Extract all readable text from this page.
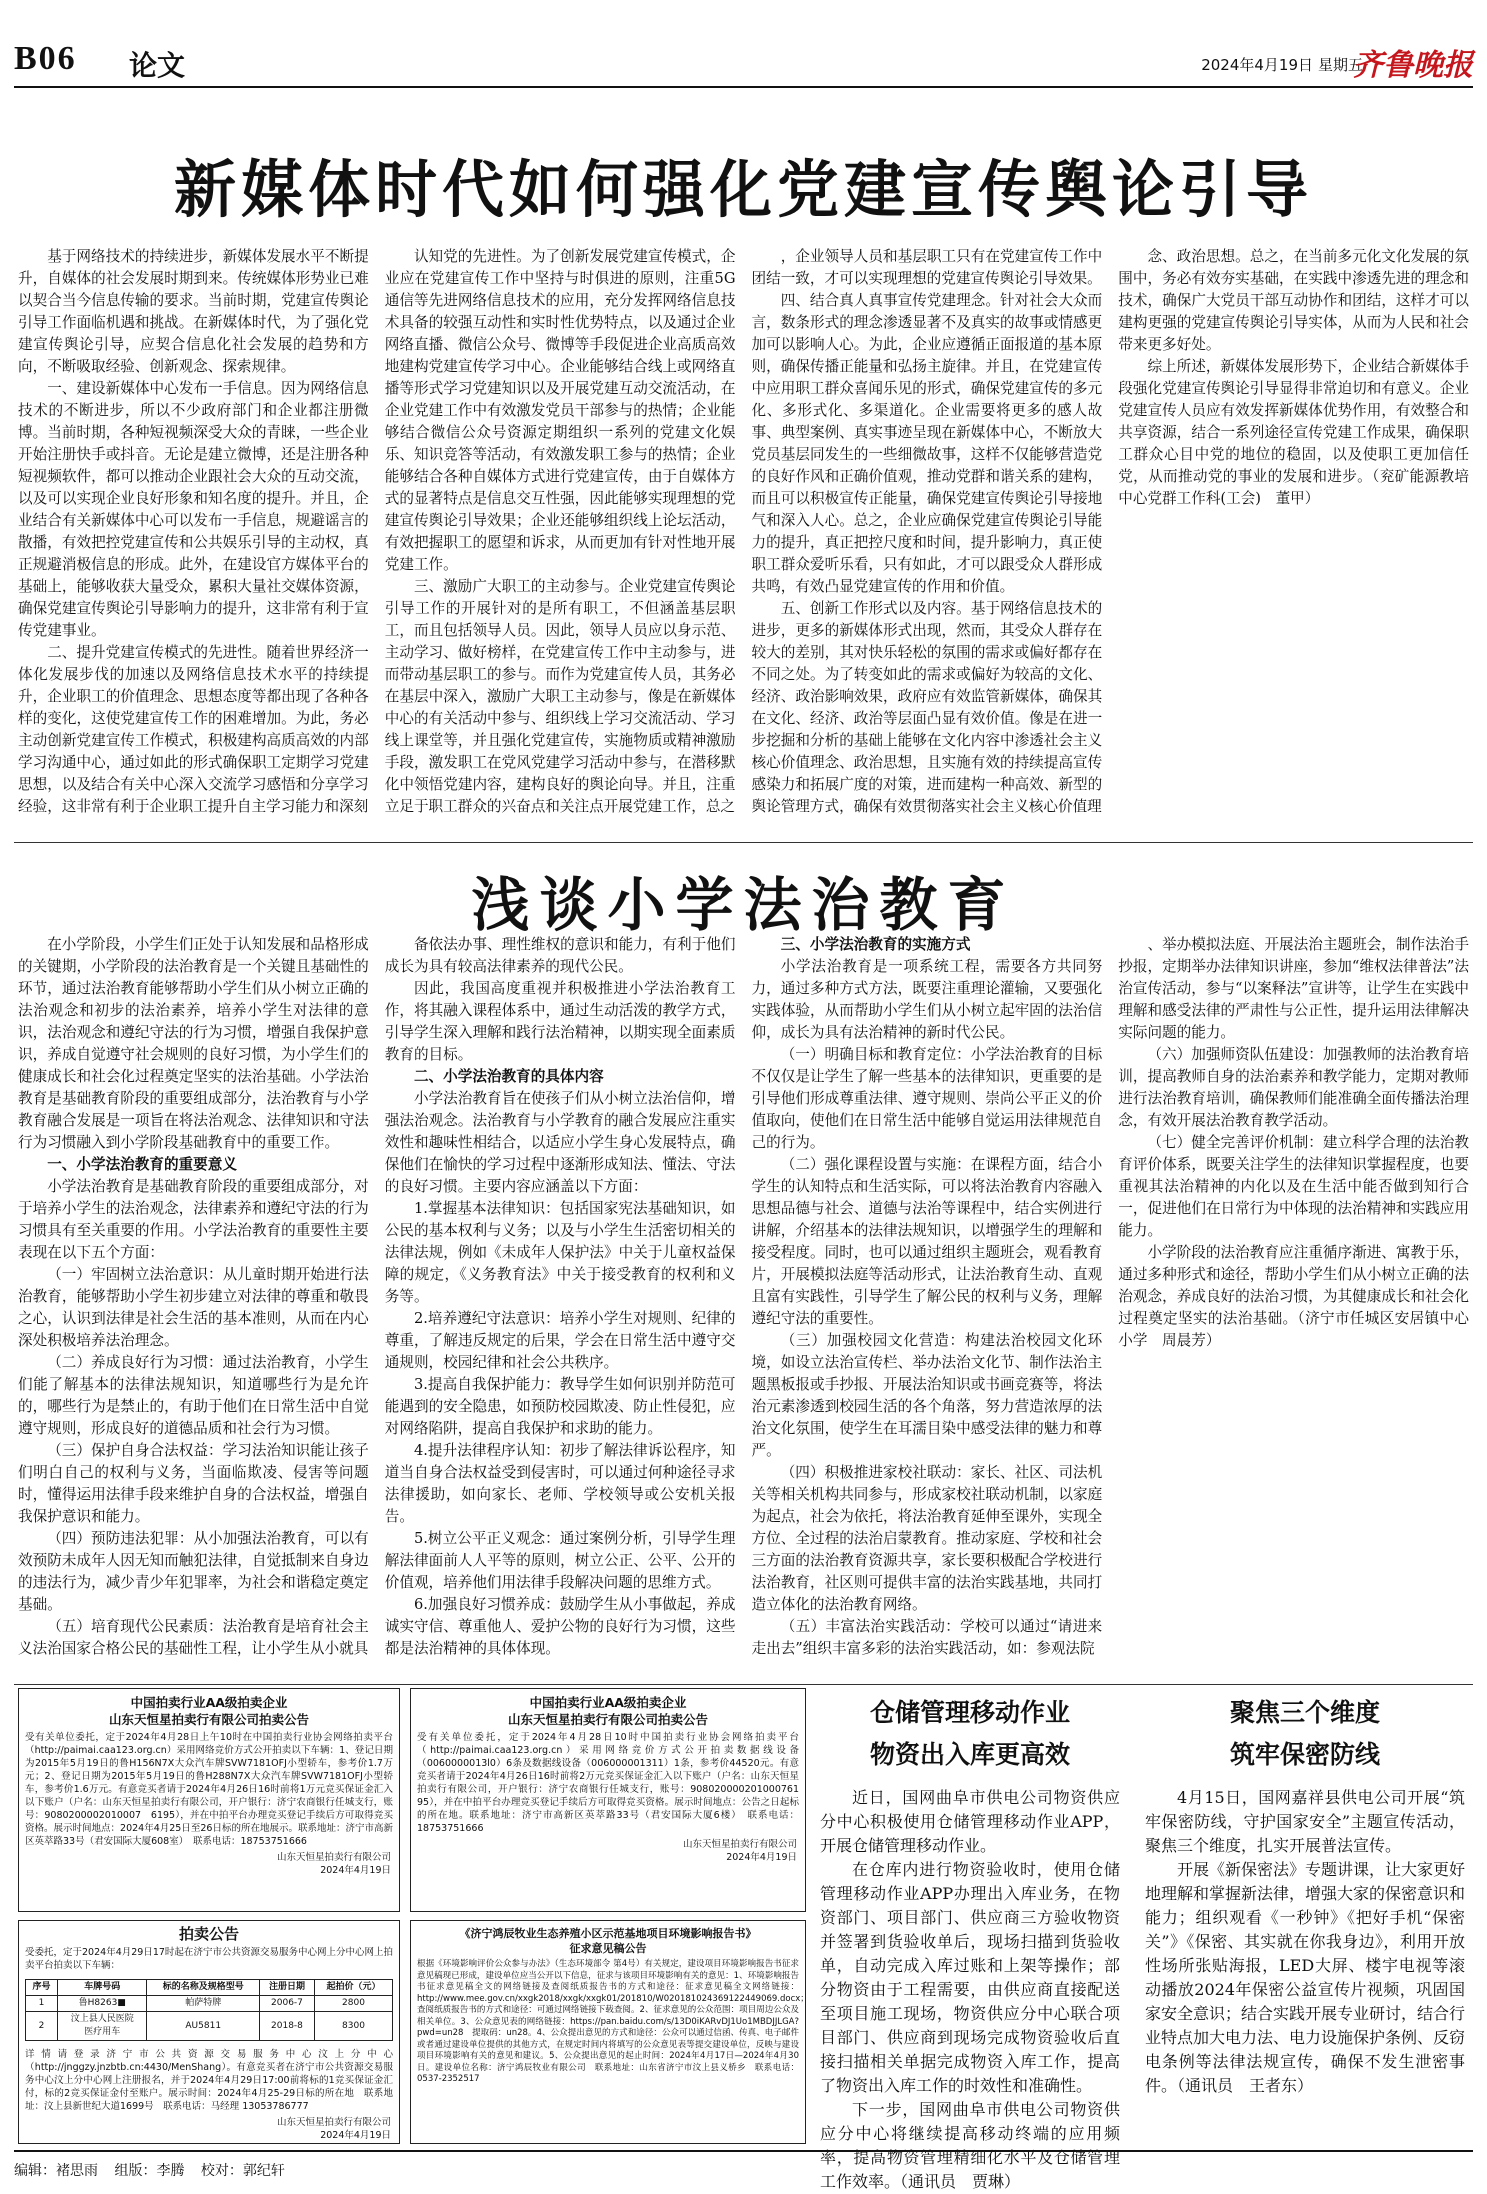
B06 论文	2024年4月19日 星期五
齐鲁晚报
新媒体时代如何强化党建宣传舆论引导

基于网络技术的持续进步，新媒体发展水平不断提升，自媒体的社会发展时期到来。传统媒体形势业已难以契合当今信息传输的要求。当前时期，党建宣传舆论引导工作面临机遇和挑战。在新媒体时代，为了强化党建宣传舆论引导，应契合信息化社会发展的趋势和方向，不断吸取经验、创新观念、探索规律。

一、建设新媒体中心发布一手信息。因为网络信息技术的不断进步，所以不少政府部门和企业都注册微博。当前时期，各种短视频深受大众的青睐，一些企业开始注册快手或抖音。无论是建立微博，还是注册各种短视频软件，都可以推动企业跟社会大众的互动交流，以及可以实现企业良好形象和知名度的提升。并且，企业结合有关新媒体中心可以发布一手信息，规避谣言的散播，有效把控党建宣传和公共娱乐引导的主动权，真正规避消极信息的形成。此外，在建设官方媒体平台的基础上，能够收获大量受众，累积大量社交媒体资源，确保党建宣传舆论引导影响力的提升，这非常有利于宣传党建事业。

二、提升党建宣传模式的先进性。随着世界经济一体化发展步伐的加速以及网络信息技术水平的持续提升，企业职工的价值理念、思想态度等都出现了各种各样的变化，这使党建宣传工作的困难增加。为此，务必主动创新党建宣传工作模式，积极建构高质高效的内部学习沟通中心，通过如此的形式确保职工定期学习党建思想，以及结合有关中心深入交流学习感悟和分享学习经验，这非常有利于企业职工提升自主学习能力和深刻

认知党的先进性。为了创新发展党建宣传模式，企业应在党建宣传工作中坚持与时俱进的原则，注重5G通信等先进网络信息技术的应用，充分发挥网络信息技术具备的较强互动性和实时性优势特点，以及通过企业网络直播、微信公众号、微博等手段促进企业高质高效地建构党建宣传学习中心。企业能够结合线上或网络直播等形式学习党建知识以及开展党建互动交流活动，在企业党建工作中有效激发党员干部参与的热情；企业能够结合微信公众号资源定期组织一系列的党建文化娱乐、知识竞答等活动，有效激发职工参与的热情；企业能够结合各种自媒体方式进行党建宣传，由于自媒体方式的显著特点是信息交互性强，因此能够实现理想的党建宣传舆论引导效果；企业还能够组织线上论坛活动，有效把握职工的愿望和诉求，从而更加有针对性地开展党建工作。

三、激励广大职工的主动参与。企业党建宣传舆论引导工作的开展针对的是所有职工，不但涵盖基层职工，而且包括领导人员。因此，领导人员应以身示范、主动学习、做好榜样，在党建宣传工作中主动参与，进而带动基层职工的参与。而作为党建宣传人员，其务必在基层中深入，激励广大职工主动参与，像是在新媒体中心的有关活动中参与、组织线上学习交流活动、学习线上课堂等，并且强化党建宣传，实施物质或精神激励手段，激发职工在党风党建学习活动中参与，在潜移默化中领悟党建内容，建构良好的舆论向导。并且，注重立足于职工群众的兴奋点和关注点开展党建工作，总之

，企业领导人员和基层职工只有在党建宣传工作中团结一致，才可以实现理想的党建宣传舆论引导效果。

四、结合真人真事宣传党建理念。针对社会大众而言，数条形式的理念渗透显著不及真实的故事或情感更加可以影响人心。为此，企业应遵循正面报道的基本原则，确保传播正能量和弘扬主旋律。并且，在党建宣传中应用职工群众喜闻乐见的形式，确保党建宣传的多元化、多形式化、多渠道化。企业需要将更多的感人故事、典型案例、真实事迹呈现在新媒体中心，不断放大党员基层同发生的一些细微故事，这样不仅能够营造党的良好作风和正确价值观，推动党群和谐关系的建构，而且可以积极宣传正能量，确保党建宣传舆论引导接地气和深入人心。总之，企业应确保党建宣传舆论引导能力的提升，真正把控尺度和时间，提升影响力，真正使职工群众爱听乐看，只有如此，才可以跟受众人群形成共鸣，有效凸显党建宣传的作用和价值。

五、创新工作形式以及内容。基于网络信息技术的进步，更多的新媒体形式出现，然而，其受众人群存在较大的差别，其对快乐轻松的氛围的需求或偏好都存在不同之处。为了转变如此的需求或偏好为较高的文化、经济、政治影响效果，政府应有效监管新媒体，确保其在文化、经济、政治等层面凸显有效价值。像是在进一步挖掘和分析的基础上能够在文化内容中渗透社会主义核心价值理念、政治思想，且实施有效的持续提高宣传感染力和拓展广度的对策，进而建构一种高效、新型的舆论管理方式，确保有效贯彻落实社会主义核心价值理

念、政治思想。总之，在当前多元化文化发展的氛围中，务必有效夯实基础，在实践中渗透先进的理念和技术，确保广大党员干部互动协作和团结，这样才可以建构更强的党建宣传舆论引导实体，从而为人民和社会带来更多好处。

综上所述，新媒体发展形势下，企业结合新媒体手段强化党建宣传舆论引导显得非常迫切和有意义。企业党建宣传人员应有效发挥新媒体优势作用，有效整合和共享资源，结合一系列途径宣传党建工作成果，确保职工群众心目中党的地位的稳固，以及使职工更加信任党，从而推动党的事业的发展和进步。（兖矿能源教培中心党群工作科(工会)　董甲）

浅谈小学法治教育

在小学阶段，小学生们正处于认知发展和品格形成的关键期，小学阶段的法治教育是一个关键且基础性的环节，通过法治教育能够帮助小学生们从小树立正确的法治观念和初步的法治素养，培养小学生对法律的意识，法治观念和遵纪守法的行为习惯，增强自我保护意识，养成自觉遵守社会规则的良好习惯，为小学生们的健康成长和社会化过程奠定坚实的法治基础。小学法治教育是基础教育阶段的重要组成部分，法治教育与小学教育融合发展是一项旨在将法治观念、法律知识和守法行为习惯融入到小学阶段基础教育中的重要工作。

一、小学法治教育的重要意义

小学法治教育是基础教育阶段的重要组成部分，对于培养小学生的法治观念，法律素养和遵纪守法的行为习惯具有至关重要的作用。小学法治教育的重要性主要表现在以下五个方面：

（一）牢固树立法治意识：从儿童时期开始进行法治教育，能够帮助小学生初步建立对法律的尊重和敬畏之心，认识到法律是社会生活的基本准则，从而在内心深处积极培养法治理念。

（二）养成良好行为习惯：通过法治教育，小学生们能了解基本的法律法规知识，知道哪些行为是允许的，哪些行为是禁止的，有助于他们在日常生活中自觉遵守规则，形成良好的道德品质和社会行为习惯。

（三）保护自身合法权益：学习法治知识能让孩子们明白自己的权利与义务，当面临欺凌、侵害等问题时，懂得运用法律手段来维护自身的合法权益，增强自我保护意识和能力。

（四）预防违法犯罪：从小加强法治教育，可以有效预防未成年人因无知而触犯法律，自觉抵制来自身边的违法行为，减少青少年犯罪率，为社会和谐稳定奠定基础。

（五）培育现代公民素质：法治教育是培育社会主义法治国家合格公民的基础性工程，让小学生从小就具

备依法办事、理性维权的意识和能力，有利于他们成长为具有较高法律素养的现代公民。

因此，我国高度重视并积极推进小学法治教育工作，将其融入课程体系中，通过生动活泼的教学方式，引导学生深入理解和践行法治精神，以期实现全面素质教育的目标。

二、小学法治教育的具体内容

小学法治教育旨在使孩子们从小树立法治信仰，增强法治观念。法治教育与小学教育的融合发展应注重实效性和趣味性相结合，以适应小学生身心发展特点，确保他们在愉快的学习过程中逐渐形成知法、懂法、守法的良好习惯。主要内容应涵盖以下方面：

1.掌握基本法律知识：包括国家宪法基础知识，如公民的基本权利与义务；以及与小学生生活密切相关的法律法规，例如《未成年人保护法》中关于儿童权益保障的规定，《义务教育法》中关于接受教育的权利和义务等。

2.培养遵纪守法意识：培养小学生对规则、纪律的尊重，了解违反规定的后果，学会在日常生活中遵守交通规则，校园纪律和社会公共秩序。

3.提高自我保护能力：教导学生如何识别并防范可能遇到的安全隐患，如预防校园欺凌、防止性侵犯，应对网络陷阱，提高自我保护和求助的能力。

4.提升法律程序认知：初步了解法律诉讼程序，知道当自身合法权益受到侵害时，可以通过何种途径寻求法律援助，如向家长、老师、学校领导或公安机关报告。

5.树立公平正义观念：通过案例分析，引导学生理解法律面前人人平等的原则，树立公正、公平、公开的价值观，培养他们用法律手段解决问题的思维方式。

6.加强良好习惯养成：鼓励学生从小事做起，养成诚实守信、尊重他人、爱护公物的良好行为习惯，这些都是法治精神的具体体现。

三、小学法治教育的实施方式

小学法治教育是一项系统工程，需要各方共同努力，通过多种方式方法，既要注重理论灌输，又要强化实践体验，从而帮助小学生们从小树立起牢固的法治信仰，成长为具有法治精神的新时代公民。

（一）明确目标和教育定位：小学法治教育的目标不仅仅是让学生了解一些基本的法律知识，更重要的是引导他们形成尊重法律、遵守规则、崇尚公平正义的价值取向，使他们在日常生活中能够自觉运用法律规范自己的行为。

（二）强化课程设置与实施：在课程方面，结合小学生的认知特点和生活实际，可以将法治教育内容融入思想品德与社会、道德与法治等课程中，结合实例进行讲解，介绍基本的法律法规知识，以增强学生的理解和接受程度。同时，也可以通过组织主题班会，观看教育片，开展模拟法庭等活动形式，让法治教育生动、直观且富有实践性，引导学生了解公民的权利与义务，理解遵纪守法的重要性。

（三）加强校园文化营造：构建法治校园文化环境，如设立法治宣传栏、举办法治文化节、制作法治主题黑板报或手抄报、开展法治知识或书画竞赛等，将法治元素渗透到校园生活的各个角落，努力营造浓厚的法治文化氛围，使学生在耳濡目染中感受法律的魅力和尊严。

（四）积极推进家校社联动：家长、社区、司法机关等相关机构共同参与，形成家校社联动机制，以家庭为起点，社会为依托，将法治教育延伸至课外，实现全方位、全过程的法治启蒙教育。推动家庭、学校和社会三方面的法治教育资源共享，家长要积极配合学校进行法治教育，社区则可提供丰富的法治实践基地，共同打造立体化的法治教育网络。

（五）丰富法治实践活动：学校可以通过“请进来　走出去”组织丰富多彩的法治实践活动，如：参观法院

、举办模拟法庭、开展法治主题班会，制作法治手抄报，定期举办法律知识讲座，参加“维权法律普法”法治宣传活动，参与“以案释法”宣讲等，让学生在实践中理解和感受法律的严肃性与公正性，提升运用法律解决实际问题的能力。

（六）加强师资队伍建设：加强教师的法治教育培训，提高教师自身的法治素养和教学能力，定期对教师进行法治教育培训，确保教师们能准确全面传播法治理念，有效开展法治教育教学活动。

（七）健全完善评价机制：建立科学合理的法治教育评价体系，既要关注学生的法律知识掌握程度，也要重视其法治精神的内化以及在生活中能否做到知行合一，促进他们在日常行为中体现的法治精神和实践应用能力。

小学阶段的法治教育应注重循序渐进、寓教于乐，通过多种形式和途径，帮助小学生们从小树立正确的法治观念，养成良好的法治习惯，为其健康成长和社会化过程奠定坚实的法治基础。（济宁市任城区安居镇中心小学　周晨芳）

中国拍卖行业AA级拍卖企业
山东天恒星拍卖行有限公司拍卖公告
受有关单位委托，定于2024年4月28日上午10时在中国拍卖行业协会网络拍卖平台（http://paimai.caa123.org.cn）采用网络竞价方式公开拍卖以下车辆：1、登记日期为2015年5月19日的鲁H156N7X大众汽车牌SVW7181OFJ小型轿车，参考价1.7万元；2、登记日期为2015年5月19日的鲁H288N7X大众汽车牌SVW7181OFJ小型轿车，参考价1.6万元。有意竞买者请于2024年4月26日16时前将1万元竞买保证金汇入以下账户（户名：山东天恒星拍卖行有限公司，开户银行：济宁农商银行任城支行，账号：9080200002010007　6195），并在中拍平台办理竞买登记手续后方可取得竞买资格。展示时间地点：2024年4月25日至26日标的所在地展示。联系地址：济宁市高新区英萃路33号（君安国际大厦608室）　联系电话：18753751666
山东天恒星拍卖行有限公司
2024年4月19日
中国拍卖行业AA级拍卖企业
山东天恒星拍卖行有限公司拍卖公告
受有关单位委托，定于2024年4月28日10时中国拍卖行业协会网络拍卖平台（http://paimai.caa123.org.cn）采用网络竞价方式公开拍卖数据线设备（0060000013l0）6条及数据线设备（006000001311）1条，参考价44520元。有意竞买者请于2024年4月26日16时前将2万元竞买保证金汇入以下账户（户名：山东天恒星拍卖行有限公司，开户银行：济宁农商银行任城支行，账号：908020000201000761 95），并在中拍平台办理竞买登记手续后方可取得竞买资格。展示时间地点：公告之日起标的所在地。联系地址：济宁市高新区英萃路33号（君安国际大厦6楼）　联系电话：18753751666
山东天恒星拍卖行有限公司
2024年4月19日
拍卖公告
受委托，定于2024年4月29日17时起在济宁市公共资源交易服务中心网上分中心网上拍卖平台拍卖以下车辆：
序号	车牌号码	标的名称及规格型号	注册日期	起拍价（元）
1	鲁H8263■	帕萨特牌	2006-7	2800
2	汶上县人民医院
医疗用车	AU5811	2018-8	8300
详情请登录济宁市公共资源交易服务中心汶上分中心（http://jnggzy.jnzbtb.cn:4430/MenShang）。有意竞买者在济宁市公共资源交易服务中心汶上分中心网上注册报名，并于2024年4月29日17:00前将标的1竞买保证金汇付，标的2竞买保证金付至账户。展示时间：2024年4月25-29日标的所在地　联系地址：汶上县新世纪大道1699号　联系电话：马经理 13053786777
山东天恒星拍卖行有限公司
2024年4月19日
《济宁鸿辰牧业生态养殖小区示范基地项目环境影响报告书》
征求意见稿公告
根据《环境影响评价公众参与办法》（生态环境部令 第4号）有关规定，建设项目环境影响报告书征求意见稿现已形成，建设单位应当公开以下信息，征求与该项目环境影响有关的意见：1、环境影响报告书征求意见稿全文的网络链接及查阅纸质报告书的方式和途径：征求意见稿全文网络链接：http://www.mee.gov.cn/xxgk2018/xxgk/xxgk01/201810/W020181024369122449069.docx；查阅纸质报告书的方式和途径：可通过网络链接下载查阅。2、征求意见的公众范围：项目周边公众及相关单位。3、公众意见表的网络链接：https://pan.baidu.com/s/13D0iKARvDJ1Uo1MBDJJLGA?pwd=un28　提取码：un28。4、公众提出意见的方式和途径：公众可以通过信函、传真、电子邮件或者通过建设单位提供的其他方式，在规定时间内将填写的公众意见表等提交建设单位，反映与建设项目环境影响有关的意见和建议。5、公众提出意见的起止时间：2024年4月17日—2024年4月30日。建设单位名称：济宁鸿辰牧业有限公司　联系地址：山东省济宁市汶上县义桥乡　联系电话：0537-2352517
仓储管理移动作业
物资出入库更高效

近日，国网曲阜市供电公司物资供应分中心积极使用仓储管理移动作业APP，开展仓储管理移动作业。

在仓库内进行物资验收时，使用仓储管理移动作业APP办理出入库业务，在物资部门、项目部门、供应商三方验收物资并签署到货验收单后，现场扫描到货验收单，自动完成入库过账和上架等操作；部分物资由于工程需要，由供应商直接配送至项目施工现场，物资供应分中心联合项目部门、供应商到现场完成物资验收后直接扫描相关单据完成物资入库工作，提高了物资出入库工作的时效性和准确性。

下一步，国网曲阜市供电公司物资供应分中心将继续提高移动终端的应用频率，提高物资管理精细化水平及仓储管理工作效率。（通讯员　贾琳）

聚焦三个维度
筑牢保密防线

4月15日，国网嘉祥县供电公司开展“筑牢保密防线，守护国家安全”主题宣传活动，聚焦三个维度，扎实开展普法宣传。

开展《新保密法》专题讲课，让大家更好地理解和掌握新法律，增强大家的保密意识和能力；组织观看《一秒钟》《把好手机“保密关”》《保密、其实就在你我身边》，利用开放性场所张贴海报，LED大屏、楼宇电视等滚动播放2024年保密公益宣传片视频，巩固国家安全意识；结合实践开展专业研讨，结合行业特点加大电力法、电力设施保护条例、反窃电条例等法律法规宣传，确保不发生泄密事件。（通讯员　王者东）

编辑：褚思雨 组版：李腾 校对：郭纪轩
